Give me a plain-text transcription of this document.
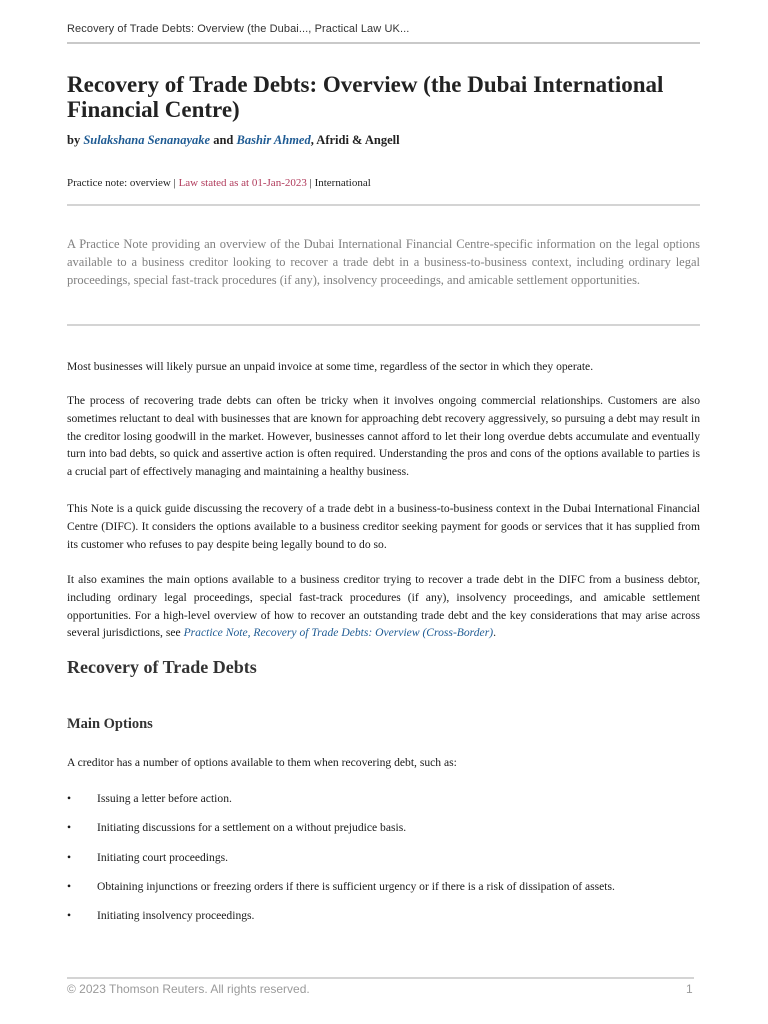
Recovery of Trade Debts: Overview (the Dubai..., Practical Law UK...
Recovery of Trade Debts: Overview (the Dubai International Financial Centre)
by Sulakshana Senanayake and Bashir Ahmed, Afridi & Angell
Practice note: overview | Law stated as at 01-Jan-2023 | International

A Practice Note providing an overview of the Dubai International Financial Centre-specific information on the legal options available to a business creditor looking to recover a trade debt in a business-to-business context, including ordinary legal proceedings, special fast-track procedures (if any), insolvency proceedings, and amicable settlement opportunities.

Most businesses will likely pursue an unpaid invoice at some time, regardless of the sector in which they operate.

The process of recovering trade debts can often be tricky when it involves ongoing commercial relationships. Customers are also sometimes reluctant to deal with businesses that are known for approaching debt recovery aggressively, so pursuing a debt may result in the creditor losing goodwill in the market. However, businesses cannot afford to let their long overdue debts accumulate and eventually turn into bad debts, so quick and assertive action is often required. Understanding the pros and cons of the options available to parties is a crucial part of effectively managing and maintaining a healthy business.

This Note is a quick guide discussing the recovery of a trade debt in a business-to-business context in the Dubai International Financial Centre (DIFC). It considers the options available to a business creditor seeking payment for goods or services that it has supplied from its customer who refuses to pay despite being legally bound to do so.

It also examines the main options available to a business creditor trying to recover a trade debt in the DIFC from a business debtor, including ordinary legal proceedings, special fast-track procedures (if any), insolvency proceedings, and amicable settlement opportunities. For a high-level overview of how to recover an outstanding trade debt and the key considerations that may arise across several jurisdictions, see Practice Note, Recovery of Trade Debts: Overview (Cross-Border).

Recovery of Trade Debts
Main Options

A creditor has a number of options available to them when recovering debt, such as:

• Issuing a letter before action.
• Initiating discussions for a settlement on a without prejudice basis.
• Initiating court proceedings.
• Obtaining injunctions or freezing orders if there is sufficient urgency or if there is a risk of dissipation of assets.
• Initiating insolvency proceedings.
© 2023 Thomson Reuters. All rights reserved.	1
